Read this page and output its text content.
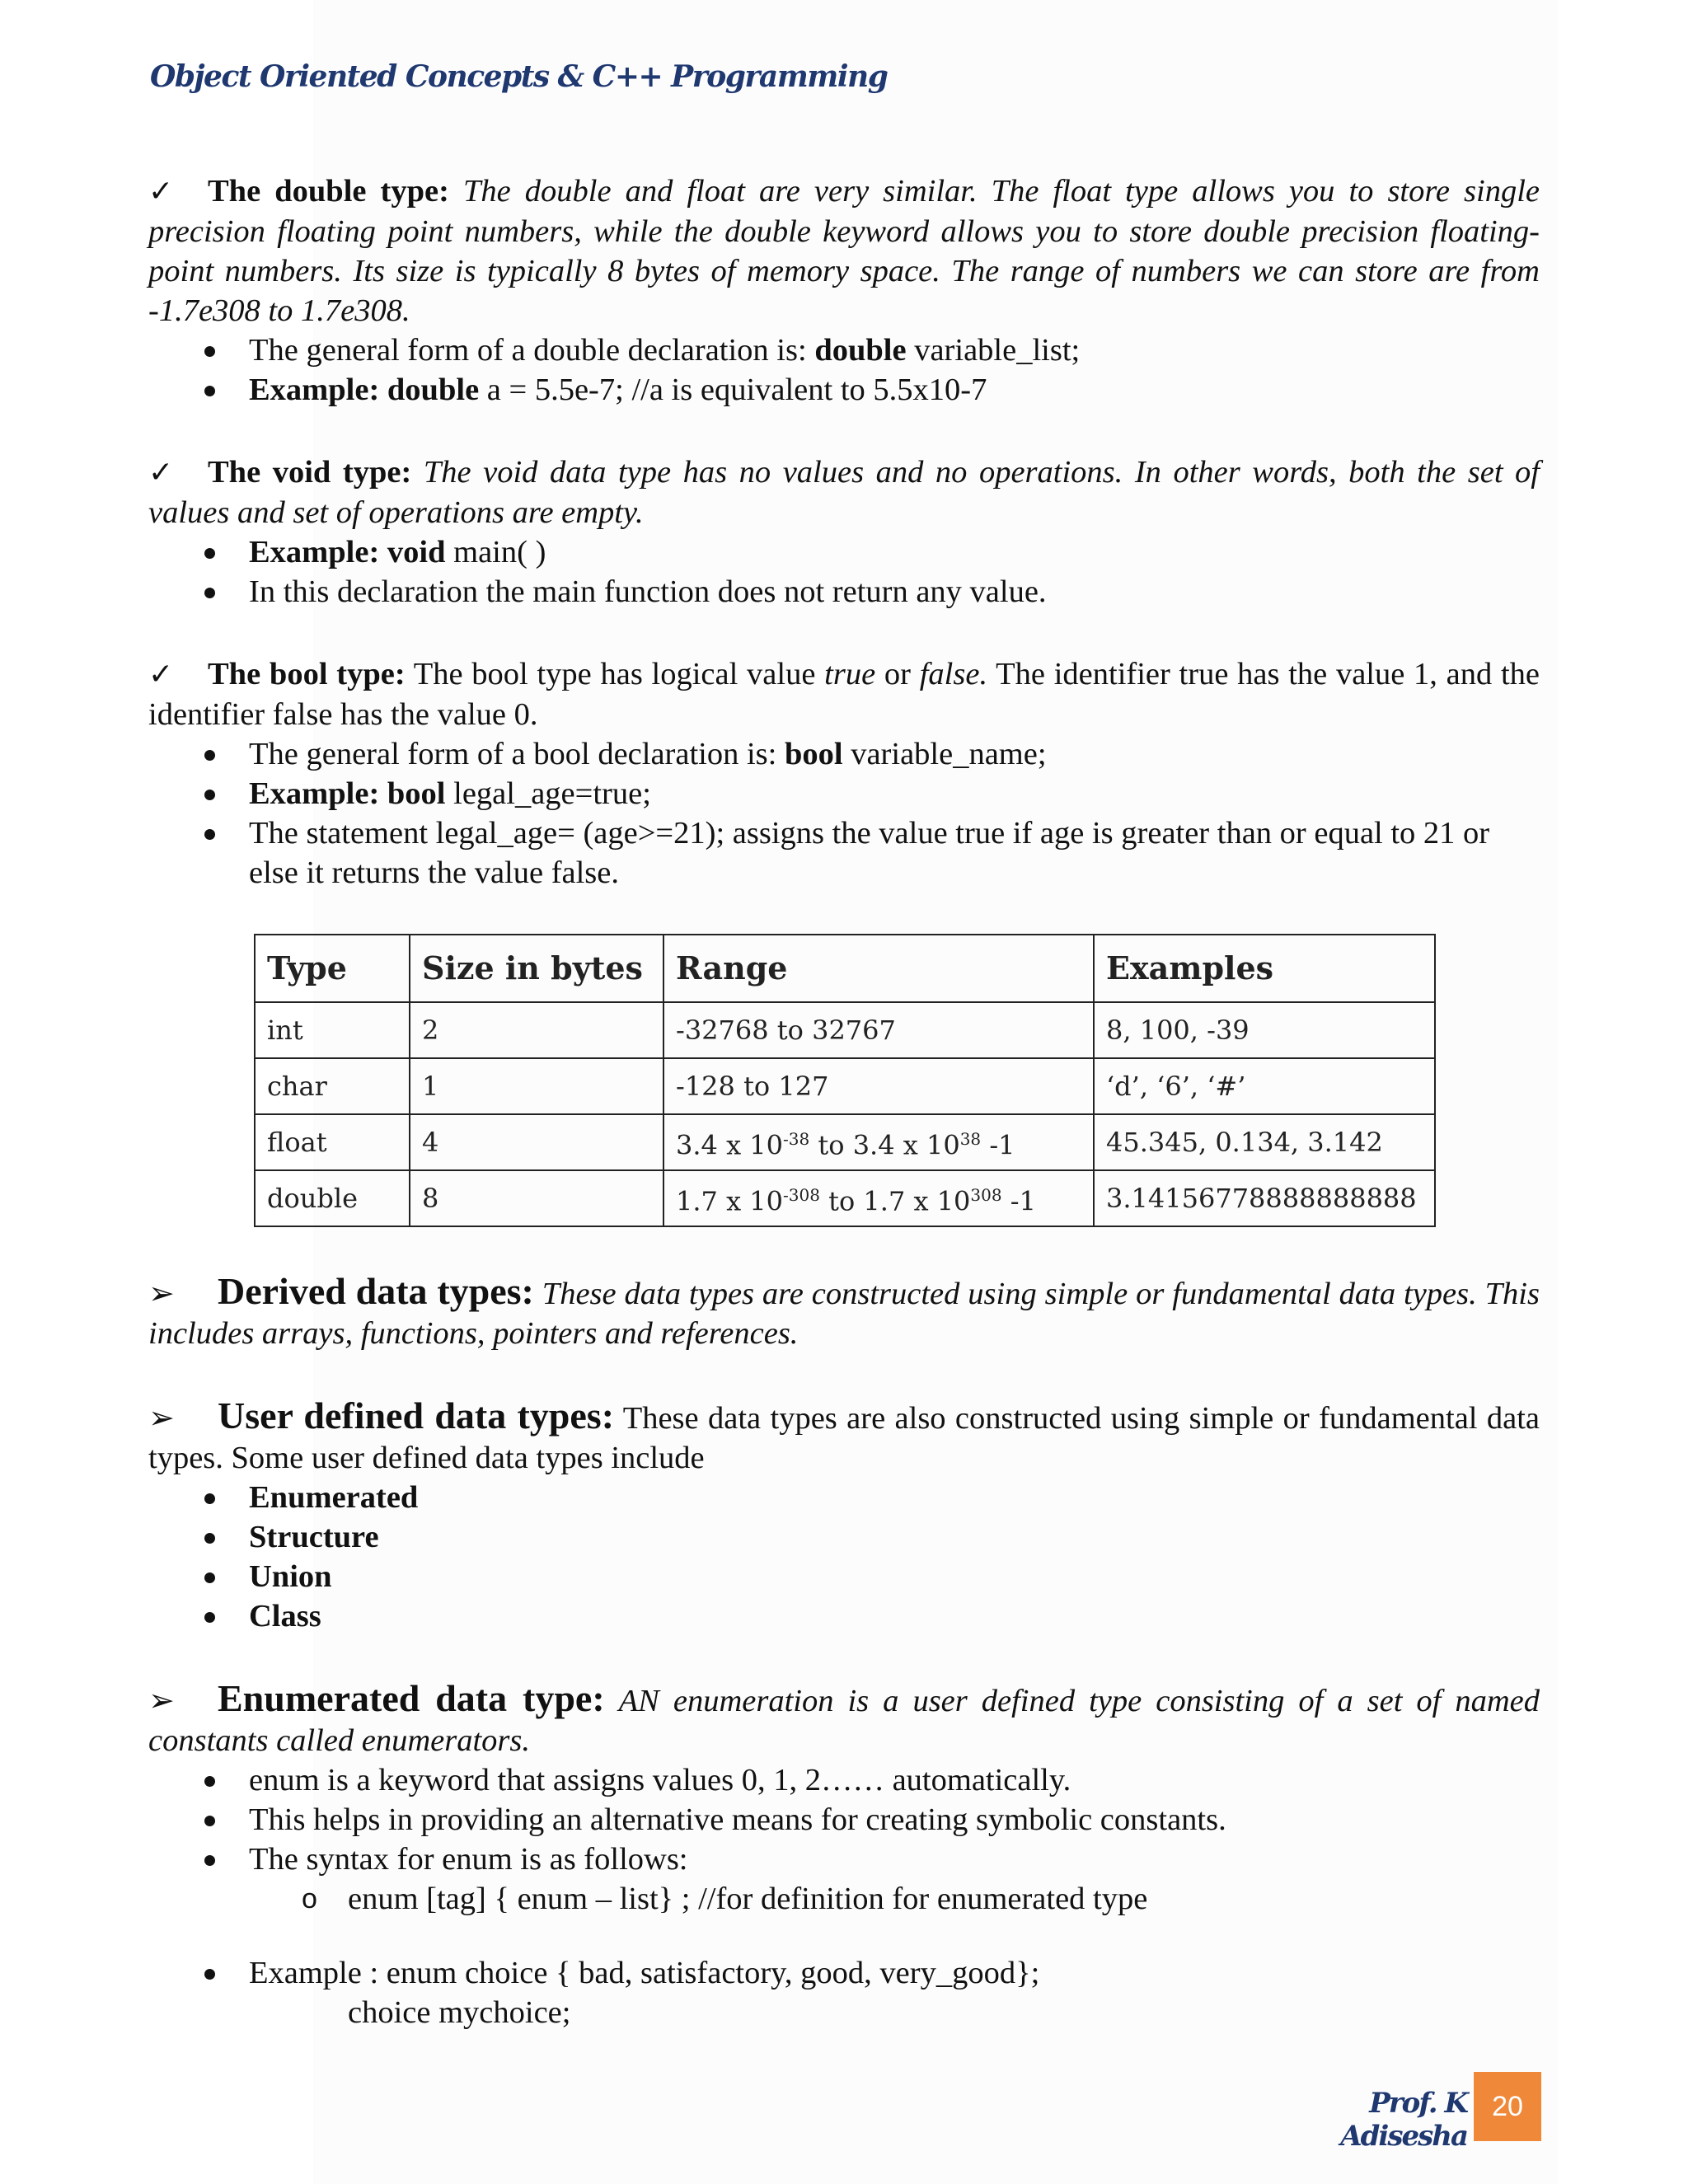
Object Oriented Concepts & C++ Programming

✓ The double type: The double and float are very similar. The float type allows you to store single precision floating point numbers, while the double keyword allows you to store double precision floating-point numbers. Its size is typically 8 bytes of memory space. The range of numbers we can store are from -1.7e308 to 1.7e308.

The general form of a double declaration is: double variable_list;
Example: double a = 5.5e-7; //a is equivalent to 5.5x10-7

✓ The void type: The void data type has no values and no operations. In other words, both the set of values and set of operations are empty.

Example: void main( )
In this declaration the main function does not return any value.

✓ The bool type: The bool type has logical value true or false. The identifier true has the value 1, and the identifier false has the value 0.

The general form of a bool declaration is: bool variable_name;
Example: bool legal_age=true;
The statement legal_age= (age>=21); assigns the value true if age is greater than or equal to 21 or else it returns the value false.
Type	Size in bytes	Range	Examples
int	2	-32768 to 32767	8, 100, -39
char	1	-128 to 127	‘d’, ‘6’, ‘#’
float	4	3.4 x $10^{-38}$ to 3.4 x $10^{38}$ -1	45.345, 0.134, 3.142
double	8	1.7 x $10^{-308}$ to 1.7 x $10^{308}$ -1	3.14156778888888888

➢ Derived data types: These data types are constructed using simple or fundamental data types. This includes arrays, functions, pointers and references.

➢ User defined data types: These data types are also constructed using simple or fundamental data types. Some user defined data types include

Enumerated
Structure
Union
Class

➢ Enumerated data type: AN enumeration is a user defined type consisting of a set of named constants called enumerators.

enum is a keyword that assigns values 0, 1, 2…… automatically.
This helps in providing an alternative means for creating symbolic constants.
The syntax for enum is as follows:
o enum [tag] { enum – list} ; //for definition for enumerated type
Example : enum choice { bad, satisfactory, good, very_good};
choice mychoice;
Prof. K Adisesha
20
